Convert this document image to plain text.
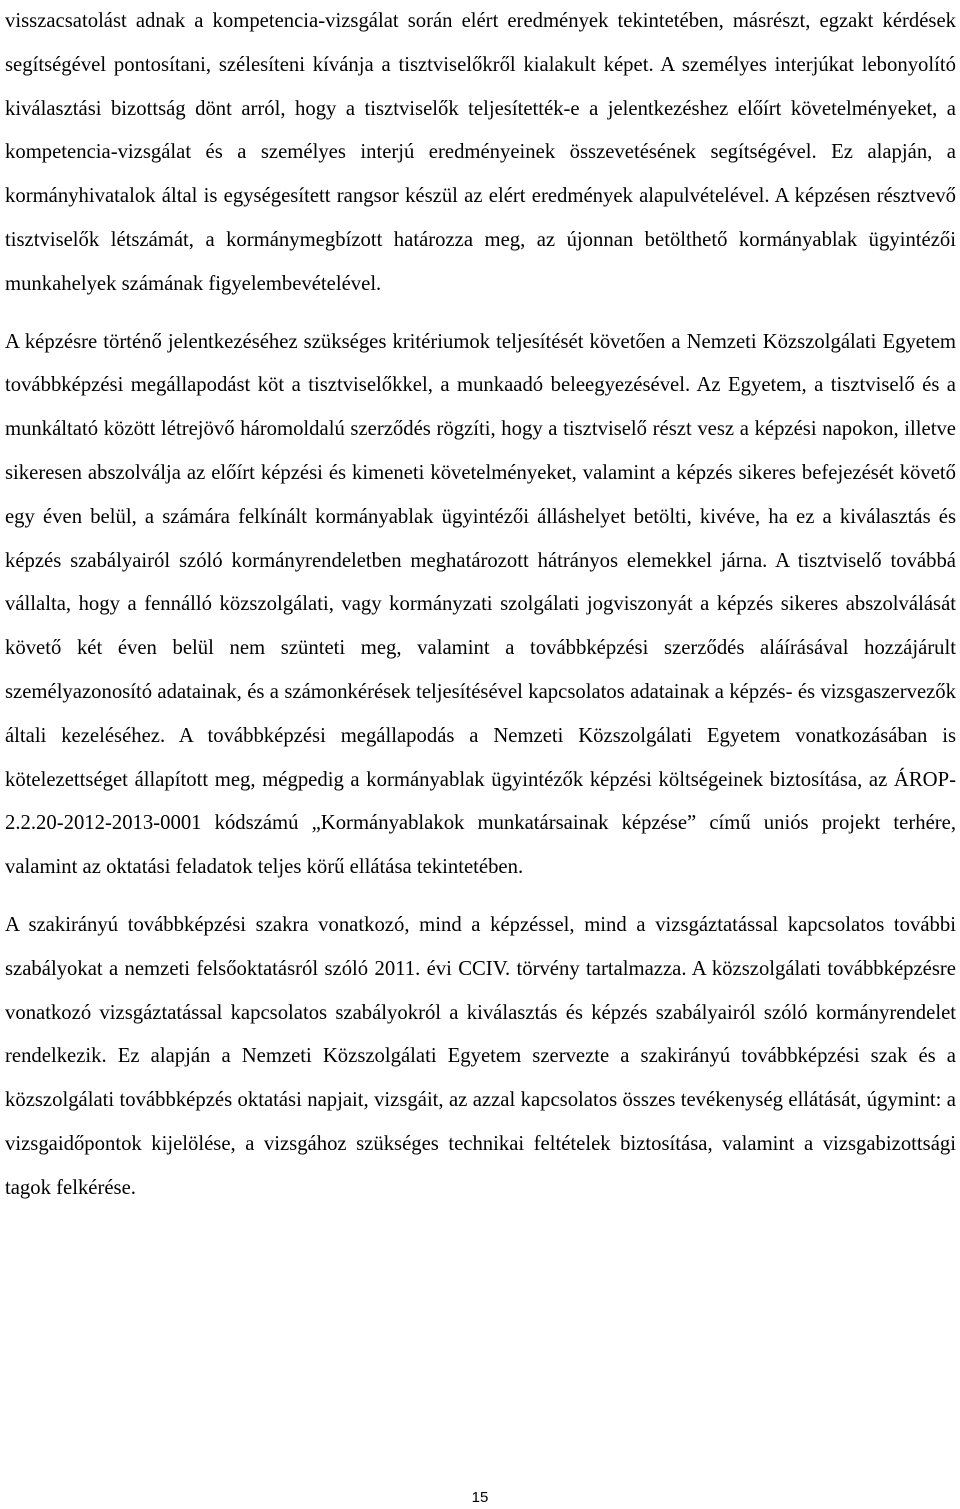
visszacsatolást adnak a kompetencia-vizsgálat során elért eredmények tekintetében, másrészt, egzakt kérdések segítségével pontosítani, szélesíteni kívánja a tisztviselőkről kialakult képet. A személyes interjúkat lebonyolító kiválasztási bizottság dönt arról, hogy a tisztviselők teljesítették-e a jelentkezéshez előírt követelményeket, a kompetencia-vizsgálat és a személyes interjú eredményeinek összevetésének segítségével. Ez alapján, a kormányhivatalok által is egységesített rangsor készül az elért eredmények alapulvételével. A képzésen résztvevő tisztviselők létszámát, a kormánymegbízott határozza meg, az újonnan betölthető kormányablak ügyintézői munkahelyek számának figyelembevételével.

A képzésre történő jelentkezéséhez szükséges kritériumok teljesítését követően a Nemzeti Közszolgálati Egyetem továbbképzési megállapodást köt a tisztviselőkkel, a munkaadó beleegyezésével. Az Egyetem, a tisztviselő és a munkáltató között létrejövő háromoldalú szerződés rögzíti, hogy a tisztviselő részt vesz a képzési napokon, illetve sikeresen abszolválja az előírt képzési és kimeneti követelményeket, valamint a képzés sikeres befejezését követő egy éven belül, a számára felkínált kormányablak ügyintézői álláshelyet betölti, kivéve, ha ez a kiválasztás és képzés szabályairól szóló kormányrendeletben meghatározott hátrányos elemekkel járna. A tisztviselő továbbá vállalta, hogy a fennálló közszolgálati, vagy kormányzati szolgálati jogviszonyát a képzés sikeres abszolválását követő két éven belül nem szünteti meg, valamint a továbbképzési szerződés aláírásával hozzájárult személyazonosító adatainak, és a számonkérések teljesítésével kapcsolatos adatainak a képzés- és vizsgaszervezők általi kezeléséhez. A továbbképzési megállapodás a Nemzeti Közszolgálati Egyetem vonatkozásában is kötelezettséget állapított meg, mégpedig a kormányablak ügyintézők képzési költségeinek biztosítása, az ÁROP-2.2.20-2012-2013-0001 kódszámú „Kormányablakok munkatársainak képzése” című uniós projekt terhére, valamint az oktatási feladatok teljes körű ellátása tekintetében.

A szakirányú továbbképzési szakra vonatkozó, mind a képzéssel, mind a vizsgáztatással kapcsolatos további szabályokat a nemzeti felsőoktatásról szóló 2011. évi CCIV. törvény tartalmazza. A közszolgálati továbbképzésre vonatkozó vizsgáztatással kapcsolatos szabályokról a kiválasztás és képzés szabályairól szóló kormányrendelet rendelkezik. Ez alapján a Nemzeti Közszolgálati Egyetem szervezte a szakirányú továbbképzési szak és a közszolgálati továbbképzés oktatási napjait, vizsgáit, az azzal kapcsolatos összes tevékenység ellátását, úgymint: a vizsgaidőpontok kijelölése, a vizsgához szükséges technikai feltételek biztosítása, valamint a vizsgabizottsági tagok felkérése.

15
